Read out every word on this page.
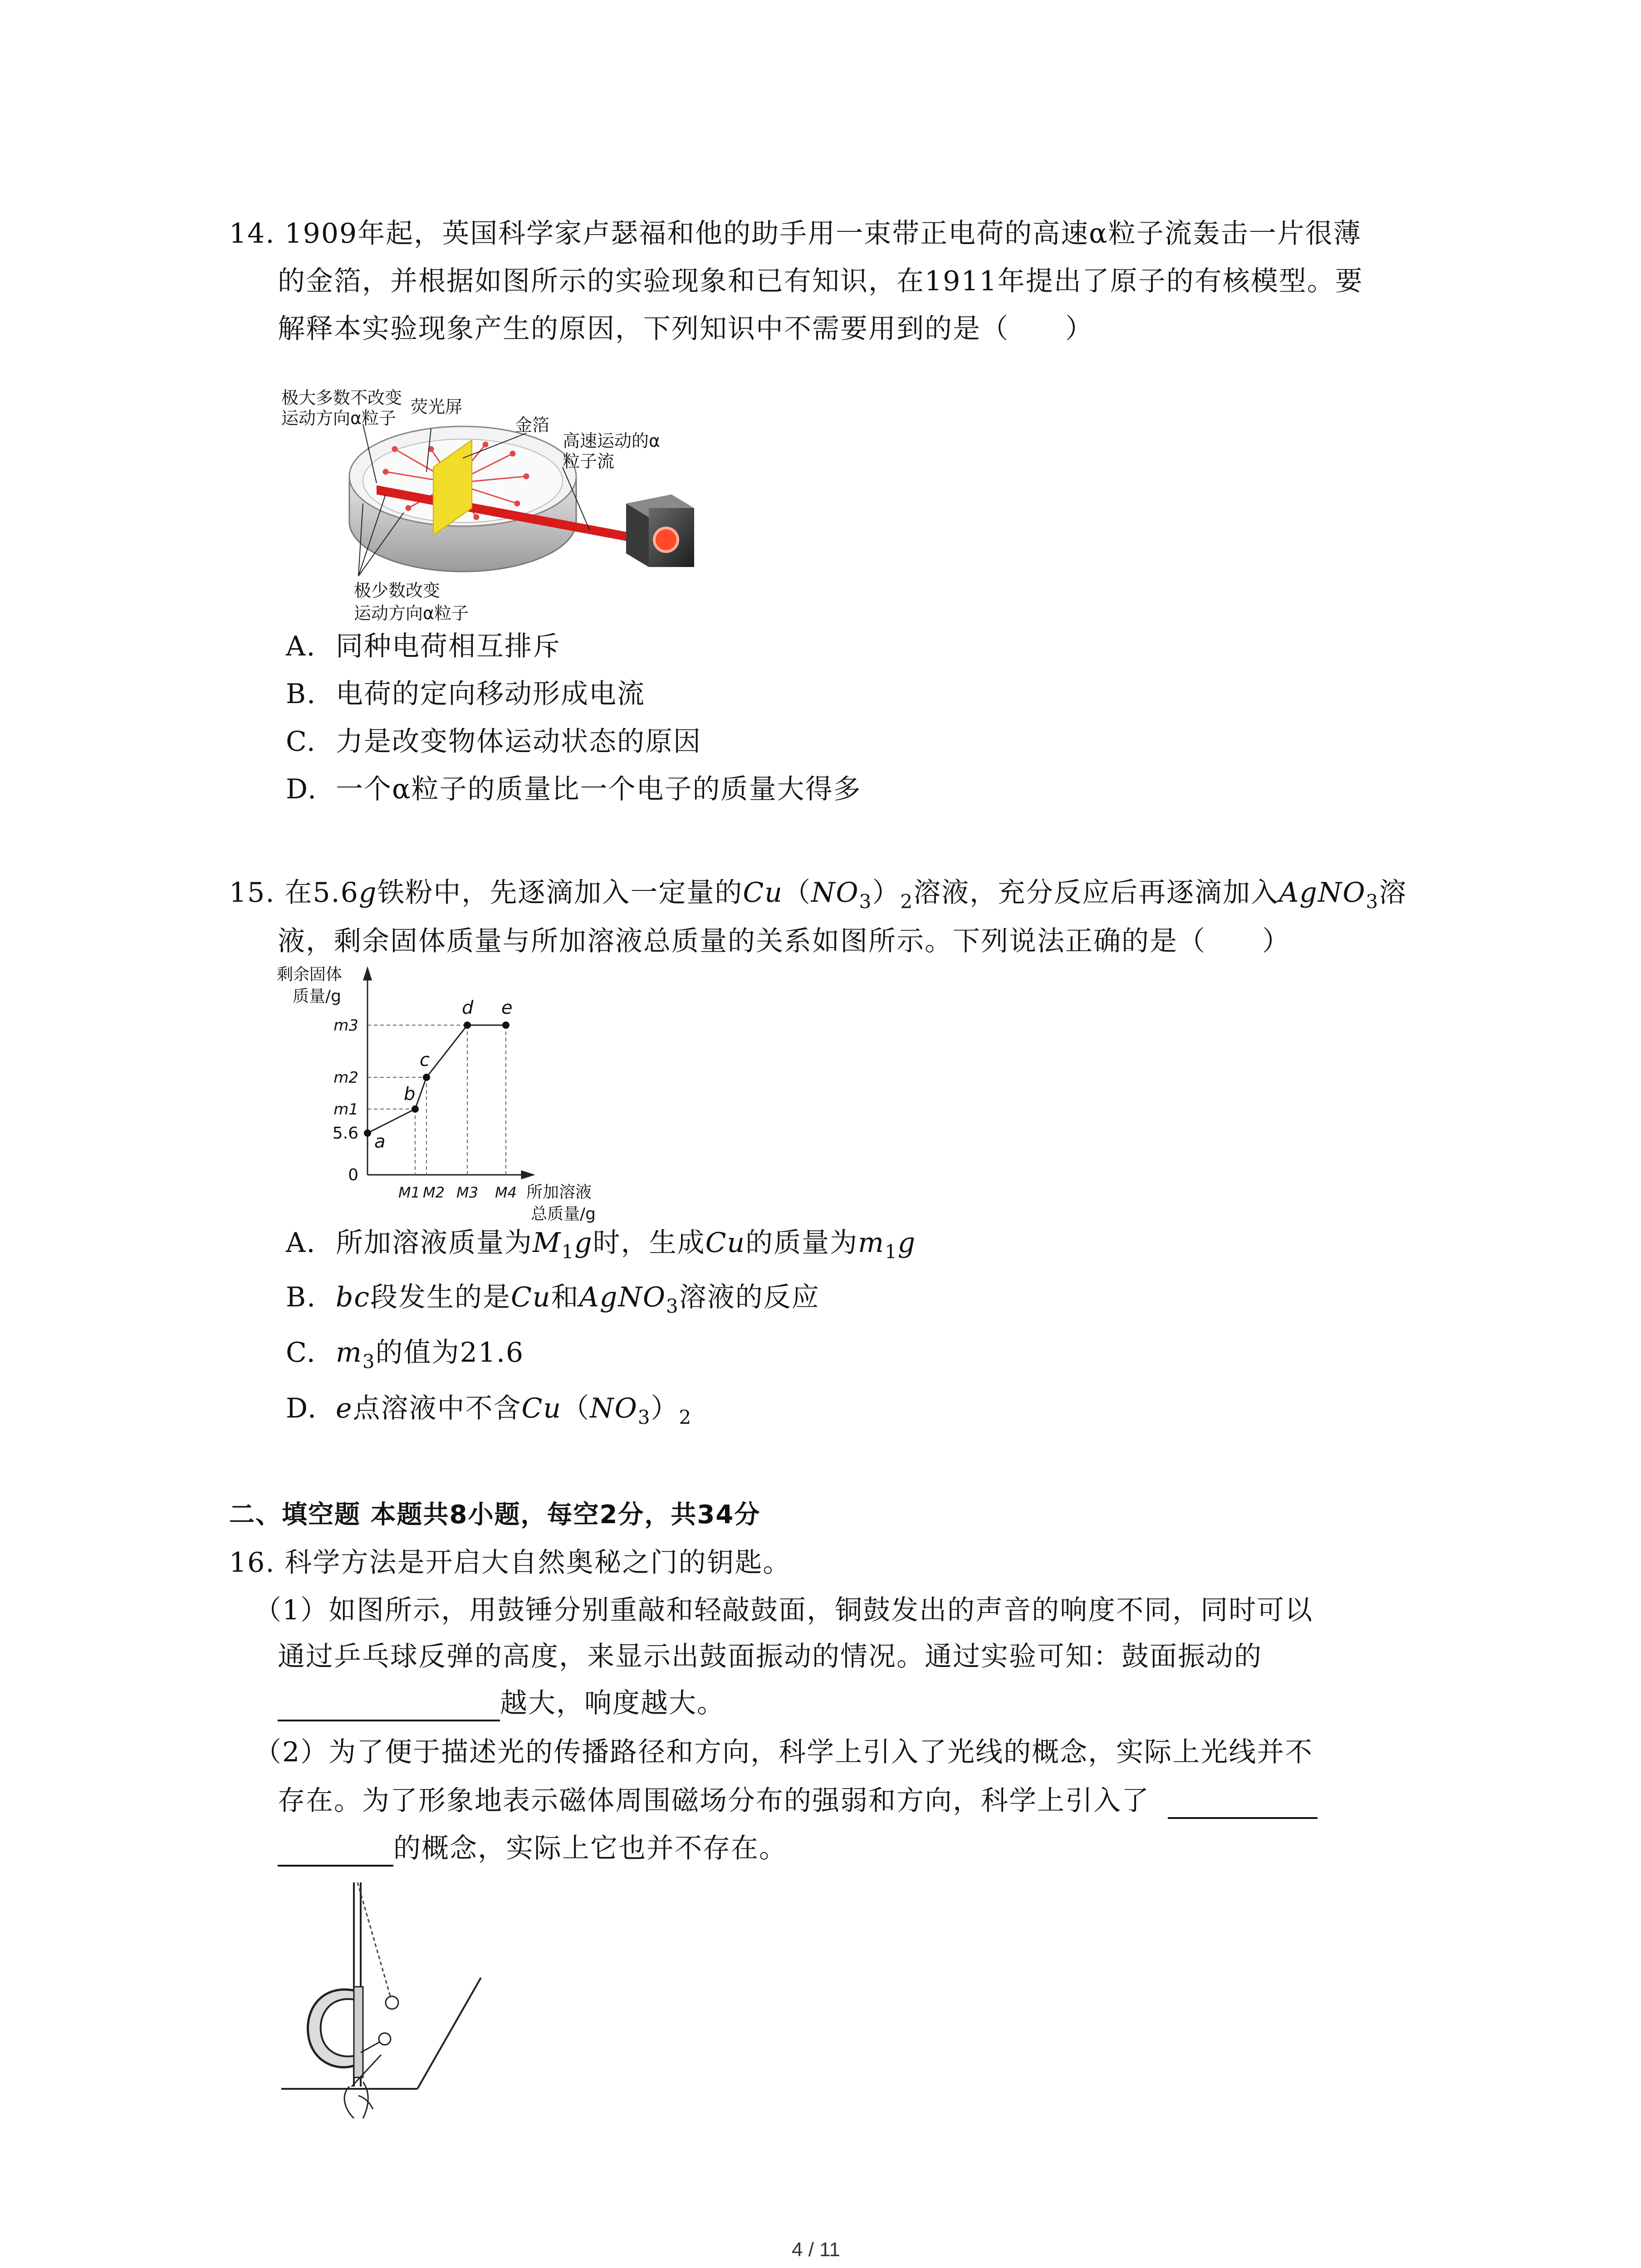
14. 1909年起，英国科学家卢瑟福和他的助手用一束带正电荷的高速α粒子流轰击一片很薄
的金箔，并根据如图所示的实验现象和已有知识，在1911年提出了原子的有核模型。要
解释本实验现象产生的原因，下列知识中不需要用到的是（　　）
极大多数不改变
运动方向α粒子
荧光屏
金箔
高速运动的α
粒子流
极少数改变
运动方向α粒子
A. 同种电荷相互排斥
B. 电荷的定向移动形成电流
C. 力是改变物体运动状态的原因
D. 一个α粒子的质量比一个电子的质量大得多
15. 在5.6g铁粉中，先逐滴加入一定量的$Cu(NO_3)_2$溶液，充分反应后再逐滴加入AgNO$_3$溶
液，剩余固体质量与所加溶液总质量的关系如图所示。下列说法正确的是（　　）
a
b
c
d e
m3
m2
m1
5.6
0
M1 M2 M3 M4
剩余固体
质量/g
所加溶液
总质量/g
A. 所加溶液质量为$M_1g$时，生成Cu的质量为$m_1g$
B. bc段发生的是Cu和AgNO$_3$溶液的反应
C. $m_3$的值为21.6
D. e点溶液中不含$Cu(NO_3)_2$
二、填空题 本题共8小题，每空2分，共34分
16. 科学方法是开启大自然奥秘之门的钥匙。
（1）如图所示，用鼓锤分别重敲和轻敲鼓面，铜鼓发出的声音的响度不同，同时可以
通过乒乓球反弹的高度，来显示出鼓面振动的情况。通过实验可知：鼓面振动的
越大，响度越大。
（2）为了便于描述光的传播路径和方向，科学上引入了光线的概念，实际上光线并不
存在。为了形象地表示磁体周围磁场分布的强弱和方向，科学上引入了
的概念，实际上它也并不存在。
4 / 11
